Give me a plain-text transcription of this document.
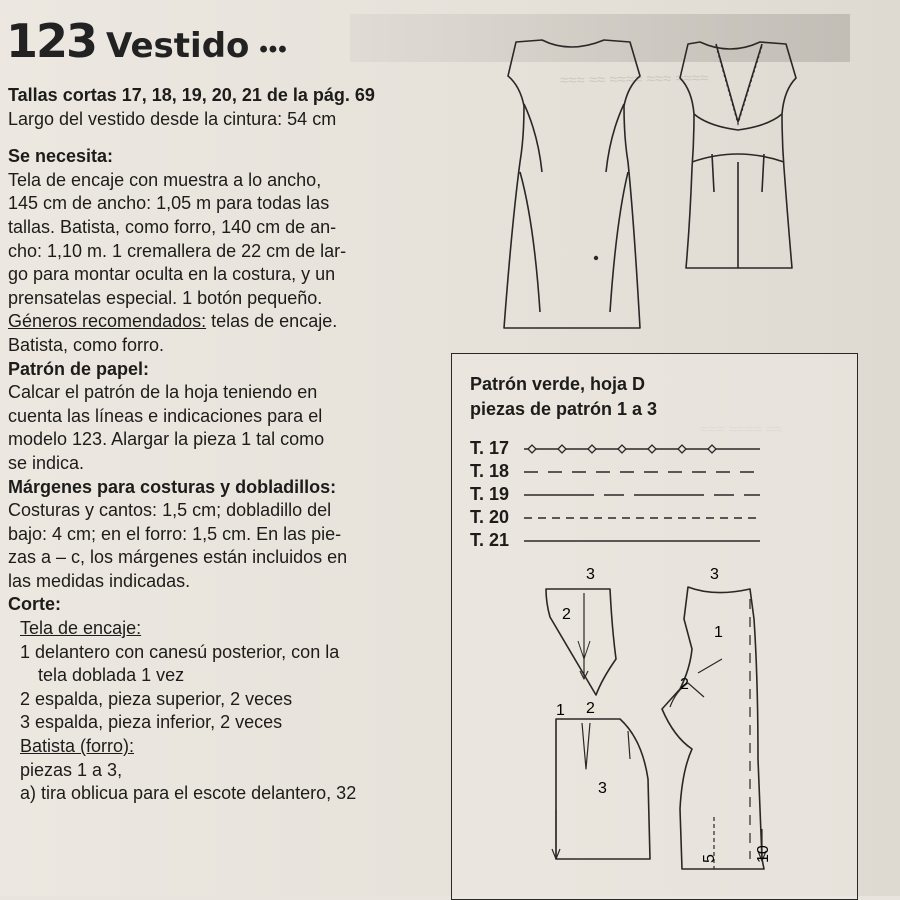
≈≈≈ ≈≈ ≈≈≈≈ ≈≈≈ ≈≈≈≈
123 Vestido •••
Tallas cortas 17, 18, 19, 20, 21 de la pág. 69
Largo del vestido desde la cintura: 54 cm
Se necesita:
Tela de encaje con muestra a lo ancho,
145 cm de ancho: 1,05 m para todas las
tallas. Batista, como forro, 140 cm de an-
cho: 1,10 m. 1 cremallera de 22 cm de lar-
go para montar oculta en la costura, y un
prensatelas especial. 1 botón pequeño.
Géneros recomendados: telas de encaje.
Batista, como forro.
Patrón de papel:
Calcar el patrón de la hoja teniendo en
cuenta las líneas e indicaciones para el
modelo 123. Alargar la pieza 1 tal como
se indica.
Márgenes para costuras y dobladillos:
Costuras y cantos: 1,5 cm; dobladillo del
bajo: 4 cm; en el forro: 1,5 cm. En las pie-
zas a – c, los márgenes están incluidos en
las medidas indicadas.
Corte:
Tela de encaje:
1 delantero con canesú posterior, con la
tela doblada 1 vez
2 espalda, pieza superior, 2 veces
3 espalda, pieza inferior, 2 veces
Batista (forro):
piezas 1 a 3,
a) tira oblicua para el escote delantero, 32
Patrón verde, hoja D
piezas de patrón 1 a 3
T. 17
T. 18
T. 19
T. 20
T. 21
3
2
3
1
2
1 2
3
5 10
